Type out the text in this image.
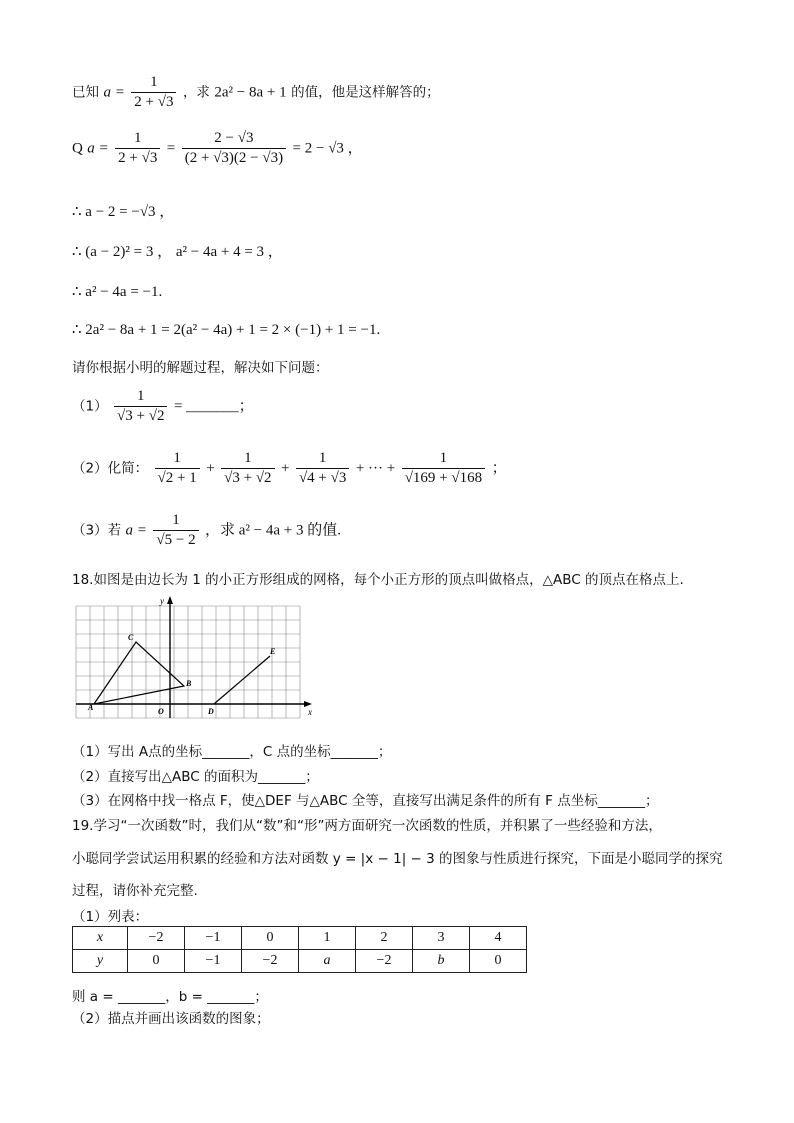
已知 $a = \frac{1}{2 + √3}$ ，求 2a² − 8a + 1 的值，他是这样解答的；
Q $a = \frac{1}{2 + √3} = \frac{2 - √3}{(2 + √3)(2 - √3)} = 2 - √3$ ，
∴ a − 2 = −√3 ，
∴ (a − 2)² = 3 ， a² − 4a + 4 = 3 ，
∴ a² − 4a = −1.
∴ 2a² − 8a + 1 = 2(a² − 4a) + 1 = 2 × (−1) + 1 = −1.
请你根据小明的解题过程，解决如下问题：
$(1) \frac{1}{√3 + √2}$ = _______；
（2）化简： $\frac{1}{√2 + 1} + \frac{1}{√3 + √2} + \frac{1}{√4 + √3}$ + ··· + $\frac{1}{√169 + √168}$ ；
（3）若 $a = \frac{1}{√5 - 2}$ ，求 a² − 4a + 3 的值.
18.如图是由边长为 1 的小正方形组成的网格，每个小正方形的顶点叫做格点，△ABC 的顶点在格点上.
x
y
A
C
B
D
E
O
（1）写出 A点的坐标_______，C 点的坐标_______；
（2）直接写出△ABC 的面积为_______；
（3）在网格中找一格点 F，使△DEF 与△ABC 全等，直接写出满足条件的所有 F 点坐标_______；
19.学习“一次函数”时，我们从“数”和“形”两方面研究一次函数的性质，并积累了一些经验和方法，
小聪同学尝试运用积累的经验和方法对函数 y = |x − 1| − 3 的图象与性质进行探究，下面是小聪同学的探究
过程，请你补充完整.
（1）列表：
x	−2	−1	0	1	2	3	4
y	0	−1	−2	a	−2	b	0
则 a = _______，b = _______；
（2）描点并画出该函数的图象；
